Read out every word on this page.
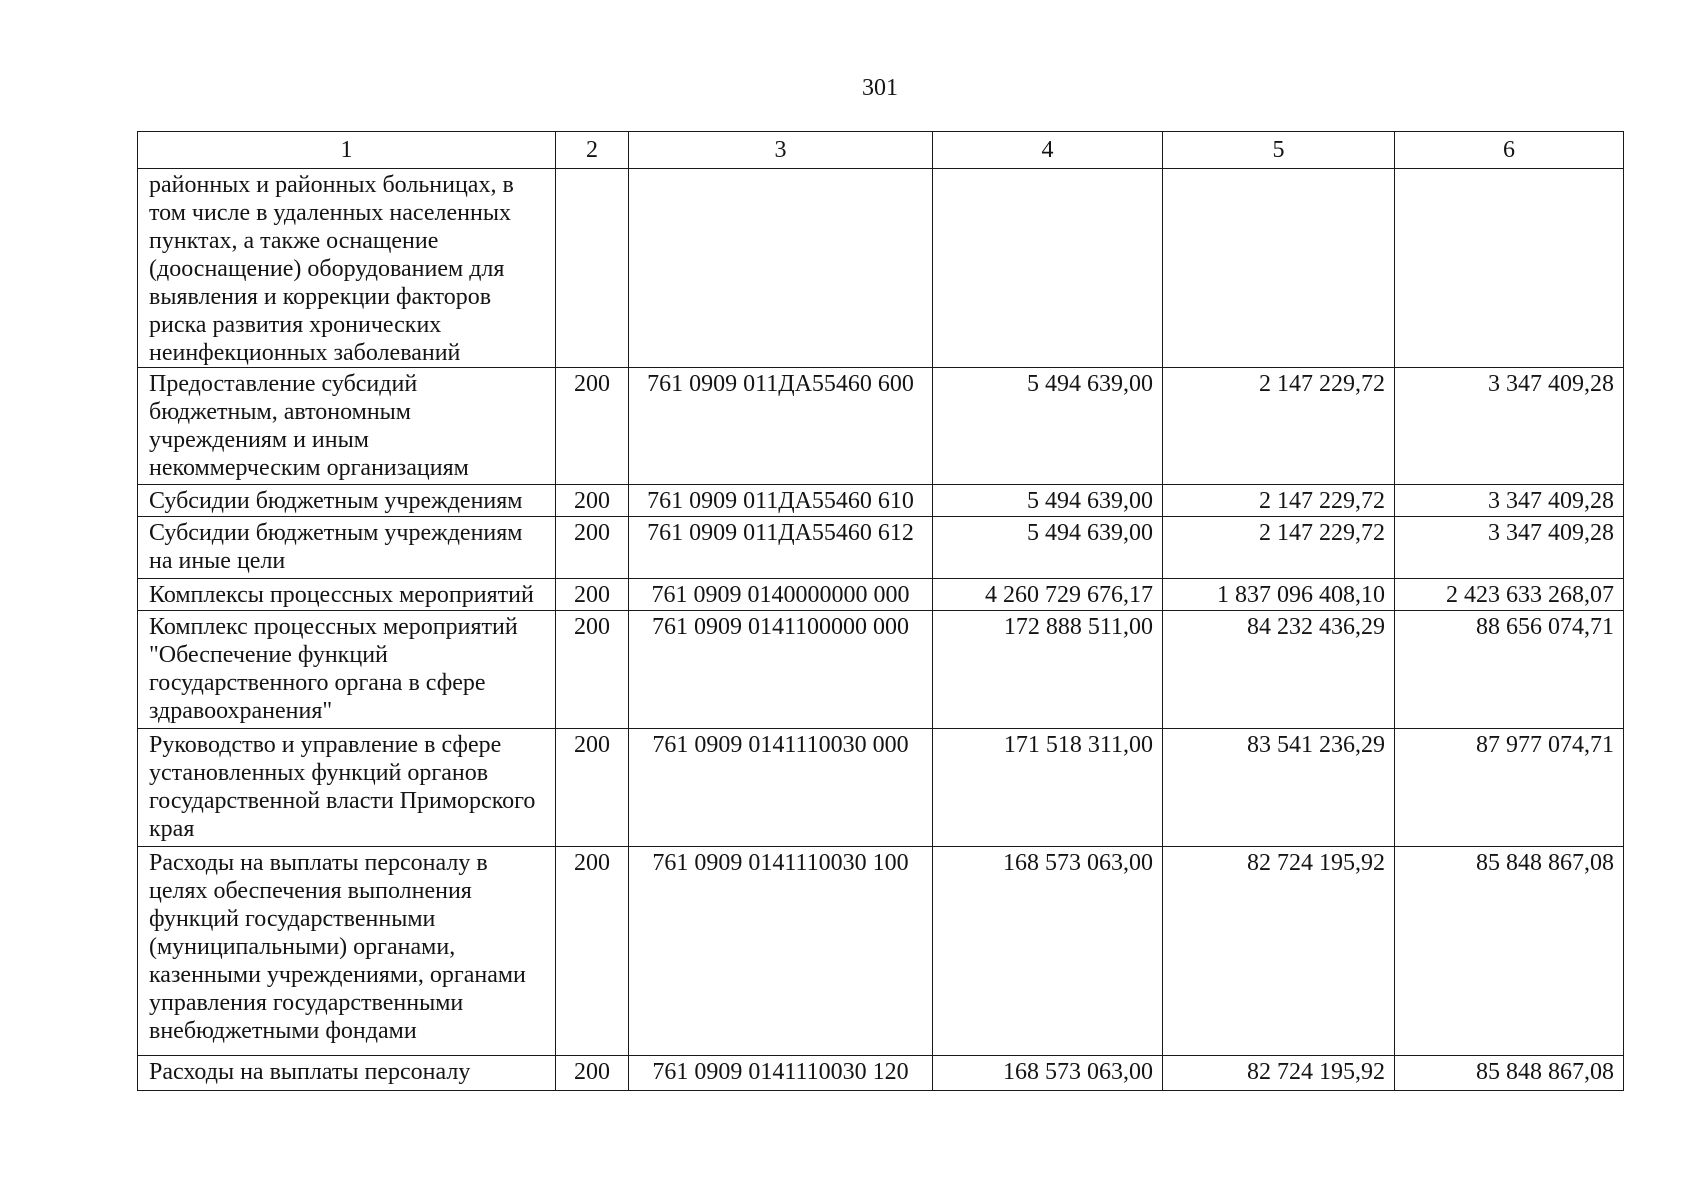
301
1	2	3	4	5	6
районных и районных больницах, в том числе в удаленных населенных пунктах, а также оснащение (дооснащение) оборудованием для выявления и коррекции факторов риска развития хронических неинфекционных заболеваний					
Предоставление субсидий бюджетным, автономным учреждениям и иным некоммерческим организациям	200	761 0909 011ДА55460 600	5 494 639,00	2 147 229,72	3 347 409,28
Субсидии бюджетным учреждениям	200	761 0909 011ДА55460 610	5 494 639,00	2 147 229,72	3 347 409,28
Субсидии бюджетным учреждениям на иные цели	200	761 0909 011ДА55460 612	5 494 639,00	2 147 229,72	3 347 409,28
Комплексы процессных мероприятий	200	761 0909 0140000000 000	4 260 729 676,17	1 837 096 408,10	2 423 633 268,07
Комплекс процессных мероприятий "Обеспечение функций государственного органа в сфере здравоохранения"	200	761 0909 0141100000 000	172 888 511,00	84 232 436,29	88 656 074,71
Руководство и управление в сфере установленных функций органов государственной власти Приморского края	200	761 0909 0141110030 000	171 518 311,00	83 541 236,29	87 977 074,71
Расходы на выплаты персоналу в целях обеспечения выполнения функций государственными (муниципальными) органами, казенными учреждениями, органами управления государственными внебюджетными фондами	200	761 0909 0141110030 100	168 573 063,00	82 724 195,92	85 848 867,08
Расходы на выплаты персоналу	200	761 0909 0141110030 120	168 573 063,00	82 724 195,92	85 848 867,08
